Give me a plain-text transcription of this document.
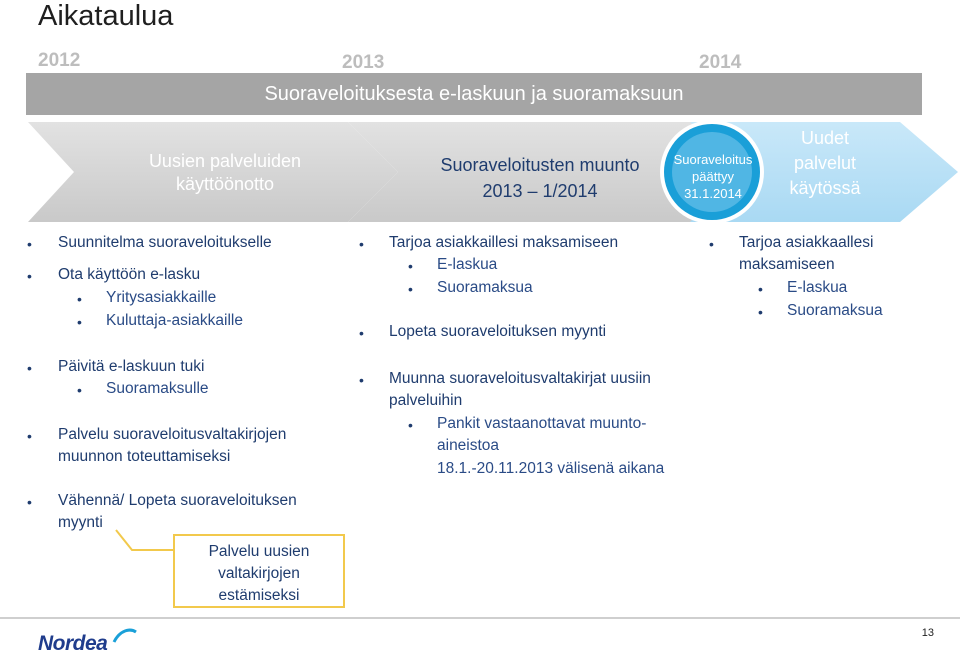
Aikataulua
2012	2013	2014
Suoraveloituksesta e-laskuun ja suoramaksuun
Uusien palveluiden
käyttöönotto
Suoraveloitusten muunto
2013 – 1/2014
Suoraveloitus
päättyy
31.1.2014
Uudet
palvelut
käytössä
• Suunnitelma suoraveloitukselle
• Ota käyttöön e-lasku
• Yritysasiakkaille
• Kuluttaja-asiakkaille
• Päivitä e-laskuun tuki
• Suoramaksulle
• Palvelu suoraveloitusvaltakirjojen
muunnon toteuttamiseksi
• Vähennä/ Lopeta suoraveloituksen
myynti
Palvelu uusien
valtakirjojen
estämiseksi
• Tarjoa asiakkaillesi maksamiseen
• E-laskua
• Suoramaksua
• Lopeta suoraveloituksen myynti
• Muunna suoraveloitusvaltakirjat uusiin
palveluihin
• Pankit vastaanottavat muunto-
aineistoa
18.1.-20.11.2013 välisenä aikana
• Tarjoa asiakkaallesi
maksamiseen
• E-laskua
• Suoramaksua
Nordea	13
